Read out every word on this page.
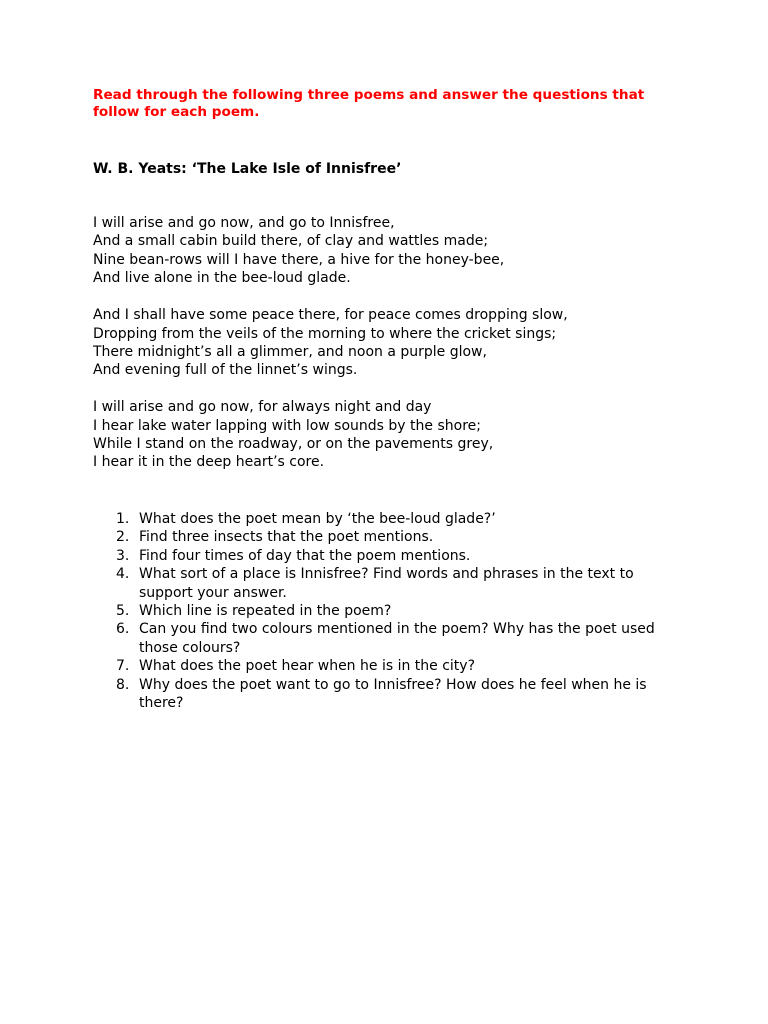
Read through the following three poems and answer the questions that follow for each poem.

W. B. Yeats: ‘The Lake Isle of Innisfree’

I will arise and go now, and go to Innisfree,
And a small cabin build there, of clay and wattles made;
Nine bean-rows will I have there, a hive for the honey-bee,
And live alone in the bee-loud glade.
And I shall have some peace there, for peace comes dropping slow,
Dropping from the veils of the morning to where the cricket sings;
There midnight’s all a glimmer, and noon a purple glow,
And evening full of the linnet’s wings.
I will arise and go now, for always night and day
I hear lake water lapping with low sounds by the shore;
While I stand on the roadway, or on the pavements grey,
I hear it in the deep heart’s core.
1. What does the poet mean by ‘the bee-loud glade?’
2. Find three insects that the poet mentions.
3. Find four times of day that the poem mentions.
4. What sort of a place is Innisfree? Find words and phrases in the text to support your answer.
5. Which line is repeated in the poem?
6. Can you find two colours mentioned in the poem? Why has the poet used those colours?
7. What does the poet hear when he is in the city?
8. Why does the poet want to go to Innisfree? How does he feel when he is there?
